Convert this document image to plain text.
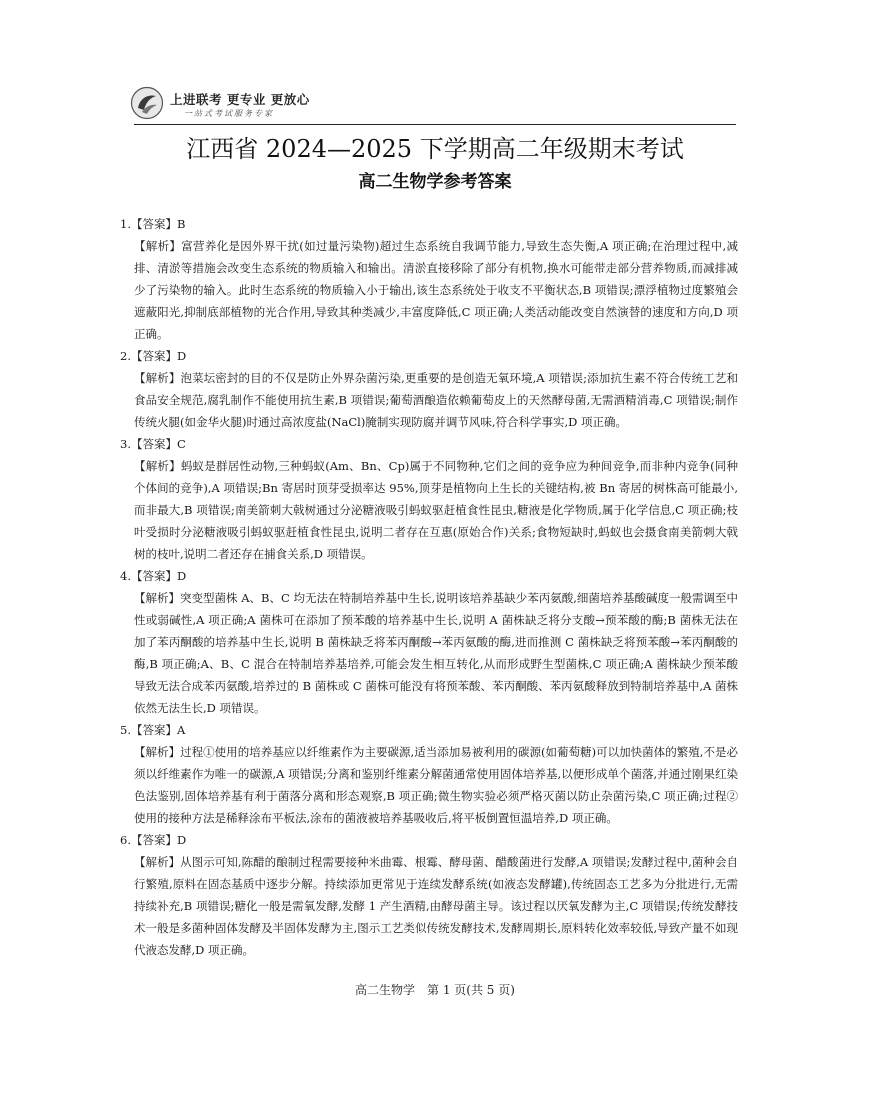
上进联考 更专业 更放心
一站式考试服务专家
江西省 2024—2025 下学期高二年级期末考试
高二生物学参考答案
1.【答案】B

【解析】富营养化是因外界干扰(如过量污染物)超过生态系统自我调节能力,导致生态失衡,A 项正确;在治理过程中,减排、清淤等措施会改变生态系统的物质输入和输出。清淤直接移除了部分有机物,换水可能带走部分营养物质,而减排减少了污染物的输入。此时生态系统的物质输入小于输出,该生态系统处于收支不平衡状态,B 项错误;漂浮植物过度繁殖会遮蔽阳光,抑制底部植物的光合作用,导致其种类减少,丰富度降低,C 项正确;人类活动能改变自然演替的速度和方向,D 项正确。

2.【答案】D

【解析】泡菜坛密封的目的不仅是防止外界杂菌污染,更重要的是创造无氧环境,A 项错误;添加抗生素不符合传统工艺和食品安全规范,腐乳制作不能使用抗生素,B 项错误;葡萄酒酿造依赖葡萄皮上的天然酵母菌,无需酒精消毒,C 项错误;制作传统火腿(如金华火腿)时通过高浓度盐(NaCl)腌制实现防腐并调节风味,符合科学事实,D 项正确。

3.【答案】C

【解析】蚂蚁是群居性动物,三种蚂蚁(Am、Bn、Cp)属于不同物种,它们之间的竞争应为种间竞争,而非种内竞争(同种个体间的竞争),A 项错误;Bn 寄居时顶芽受损率达 95%,顶芽是植物向上生长的关键结构,被 Bn 寄居的树株高可能最小,而非最大,B 项错误;南美箭刺大戟树通过分泌糖液吸引蚂蚁驱赶植食性昆虫,糖液是化学物质,属于化学信息,C 项正确;枝叶受损时分泌糖液吸引蚂蚁驱赶植食性昆虫,说明二者存在互惠(原始合作)关系;食物短缺时,蚂蚁也会摄食南美箭刺大戟树的枝叶,说明二者还存在捕食关系,D 项错误。

4.【答案】D

【解析】突变型菌株 A、B、C 均无法在特制培养基中生长,说明该培养基缺少苯丙氨酸,细菌培养基酸碱度一般需调至中性或弱碱性,A 项正确;A 菌株可在添加了预苯酸的培养基中生长,说明 A 菌株缺乏将分支酸→预苯酸的酶;B 菌株无法在加了苯丙酮酸的培养基中生长,说明 B 菌株缺乏将苯丙酮酸→苯丙氨酸的酶,进而推测 C 菌株缺乏将预苯酸→苯丙酮酸的酶,B 项正确;A、B、C 混合在特制培养基培养,可能会发生相互转化,从而形成野生型菌株,C 项正确;A 菌株缺少预苯酸导致无法合成苯丙氨酸,培养过的 B 菌株或 C 菌株可能没有将预苯酸、苯丙酮酸、苯丙氨酸释放到特制培养基中,A 菌株依然无法生长,D 项错误。

5.【答案】A

【解析】过程①使用的培养基应以纤维素作为主要碳源,适当添加易被利用的碳源(如葡萄糖)可以加快菌体的繁殖,不是必须以纤维素作为唯一的碳源,A 项错误;分离和鉴别纤维素分解菌通常使用固体培养基,以便形成单个菌落,并通过刚果红染色法鉴别,固体培养基有利于菌落分离和形态观察,B 项正确;微生物实验必须严格灭菌以防止杂菌污染,C 项正确;过程②使用的接种方法是稀释涂布平板法,涂布的菌液被培养基吸收后,将平板倒置恒温培养,D 项正确。

6.【答案】D

【解析】从图示可知,陈醋的酿制过程需要接种米曲霉、根霉、酵母菌、醋酸菌进行发酵,A 项错误;发酵过程中,菌种会自行繁殖,原料在固态基质中逐步分解。持续添加更常见于连续发酵系统(如液态发酵罐),传统固态工艺多为分批进行,无需持续补充,B 项错误;糖化一般是需氧发酵,发酵 1 产生酒精,由酵母菌主导。该过程以厌氧发酵为主,C 项错误;传统发酵技术一般是多菌种固体发酵及半固体发酵为主,图示工艺类似传统发酵技术,发酵周期长,原料转化效率较低,导致产量不如现代液态发酵,D 项正确。

高二生物学　第 1 页(共 5 页)
